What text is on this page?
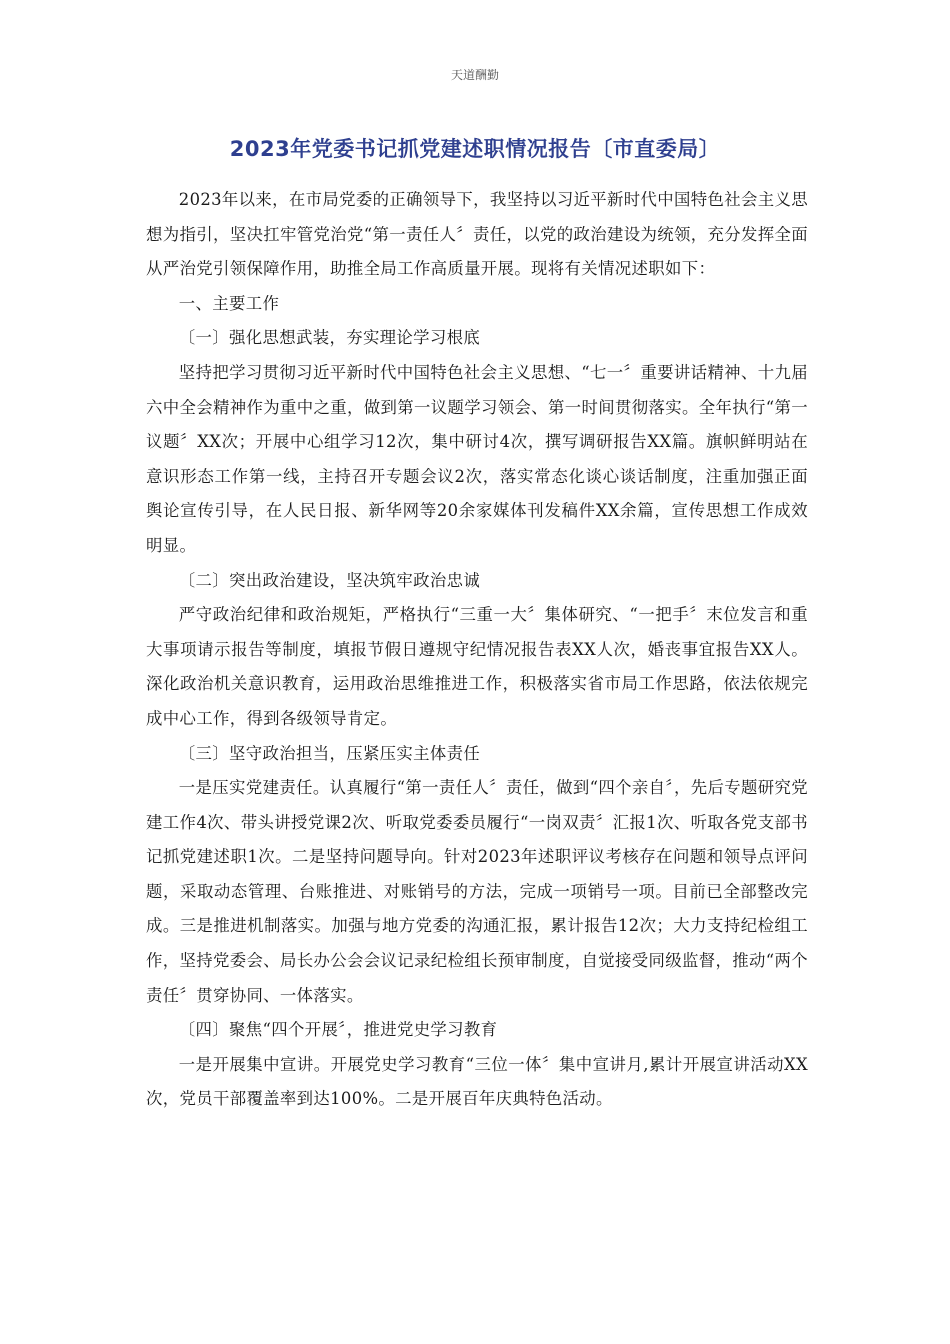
天道酬勤
2023年党委书记抓党建述职情况报告〔市直委局〕

2023年以来，在市局党委的正确领导下，我坚持以习近平新时代中国特色社会主义思想为指引，坚决扛牢管党治党“第一责任人〞责任，以党的政治建设为统领，充分发挥全面从严治党引领保障作用，助推全局工作高质量开展。现将有关情况述职如下：

一、主要工作

〔一〕强化思想武装，夯实理论学习根底

坚持把学习贯彻习近平新时代中国特色社会主义思想、“七一〞重要讲话精神、十九届六中全会精神作为重中之重，做到第一议题学习领会、第一时间贯彻落实。全年执行“第一议题〞XX次；开展中心组学习12次，集中研讨4次，撰写调研报告XX篇。旗帜鲜明站在意识形态工作第一线，主持召开专题会议2次，落实常态化谈心谈话制度，注重加强正面舆论宣传引导，在人民日报、新华网等20余家媒体刊发稿件XX余篇，宣传思想工作成效明显。

〔二〕突出政治建设，坚决筑牢政治忠诚

严守政治纪律和政治规矩，严格执行“三重一大〞集体研究、“一把手〞末位发言和重大事项请示报告等制度，填报节假日遵规守纪情况报告表XX人次，婚丧事宜报告XX人。深化政治机关意识教育，运用政治思维推进工作，积极落实省市局工作思路，依法依规完成中心工作，得到各级领导肯定。

〔三〕坚守政治担当，压紧压实主体责任

一是压实党建责任。认真履行“第一责任人〞责任，做到“四个亲自〞，先后专题研究党建工作4次、带头讲授党课2次、听取党委委员履行“一岗双责〞汇报1次、听取各党支部书记抓党建述职1次。二是坚持问题导向。针对2023年述职评议考核存在问题和领导点评问题，采取动态管理、台账推进、对账销号的方法，完成一项销号一项。目前已全部整改完成。三是推进机制落实。加强与地方党委的沟通汇报，累计报告12次；大力支持纪检组工作，坚持党委会、局长办公会会议记录纪检组长预审制度，自觉接受同级监督，推动“两个责任〞贯穿协同、一体落实。

〔四〕聚焦“四个开展〞，推进党史学习教育

一是开展集中宣讲。开展党史学习教育“三位一体〞集中宣讲月,累计开展宣讲活动XX次，党员干部覆盖率到达100%。二是开展百年庆典特色活动。
